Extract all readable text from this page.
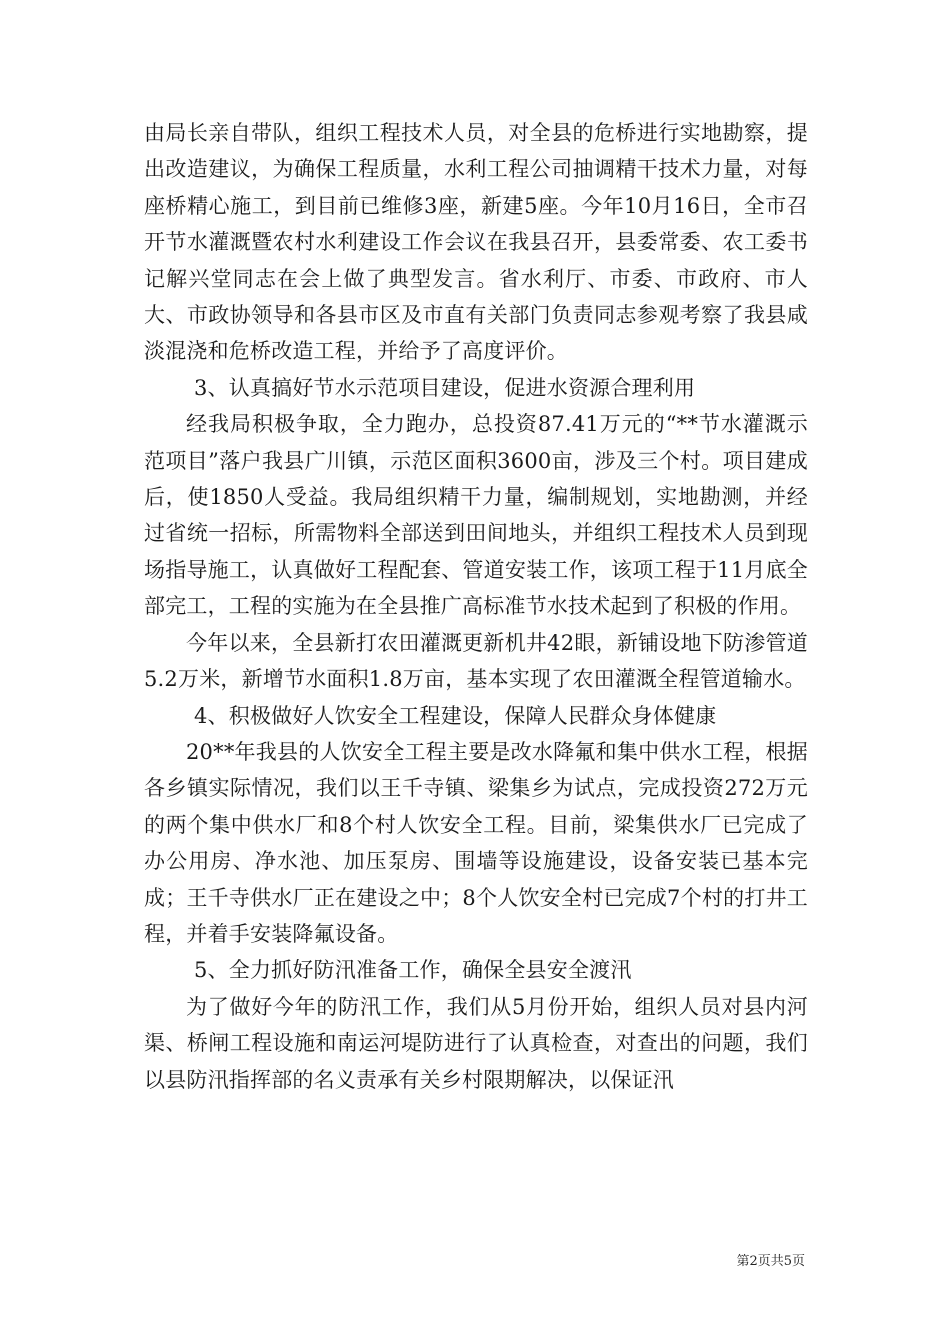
由局长亲自带队，组织工程技术人员，对全县的危桥进行实地勘察，提出改造建议，为确保工程质量，水利工程公司抽调精干技术力量，对每座桥精心施工，到目前已维修3座，新建5座。今年10月16日，全市召开节水灌溉暨农村水利建设工作会议在我县召开，县委常委、农工委书记解兴堂同志在会上做了典型发言。省水利厅、市委、市政府、市人大、市政协领导和各县市区及市直有关部门负责同志参观考察了我县咸淡混浇和危桥改造工程，并给予了高度评价。

3、认真搞好节水示范项目建设，促进水资源合理利用

经我局积极争取，全力跑办，总投资87.41万元的“**节水灌溉示范项目”落户我县广川镇，示范区面积3600亩，涉及三个村。项目建成后，使1850人受益。我局组织精干力量，编制规划，实地勘测，并经过省统一招标，所需物料全部送到田间地头，并组织工程技术人员到现场指导施工，认真做好工程配套、管道安装工作，该项工程于11月底全部完工，工程的实施为在全县推广高标准节水技术起到了积极的作用。

今年以来，全县新打农田灌溉更新机井42眼，新铺设地下防渗管道5.2万米，新增节水面积1.8万亩，基本实现了农田灌溉全程管道输水。

4、积极做好人饮安全工程建设，保障人民群众身体健康

20**年我县的人饮安全工程主要是改水降氟和集中供水工程，根据各乡镇实际情况，我们以王千寺镇、梁集乡为试点，完成投资272万元的两个集中供水厂和8个村人饮安全工程。目前，梁集供水厂已完成了办公用房、净水池、加压泵房、围墙等设施建设，设备安装已基本完成；王千寺供水厂正在建设之中；8个人饮安全村已完成7个村的打井工程，并着手安装降氟设备。

5、全力抓好防汛准备工作，确保全县安全渡汛

为了做好今年的防汛工作，我们从5月份开始，组织人员对县内河渠、桥闸工程设施和南运河堤防进行了认真检查，对查出的问题，我们以县防汛指挥部的名义责承有关乡村限期解决，以保证汛

第2页共5页
